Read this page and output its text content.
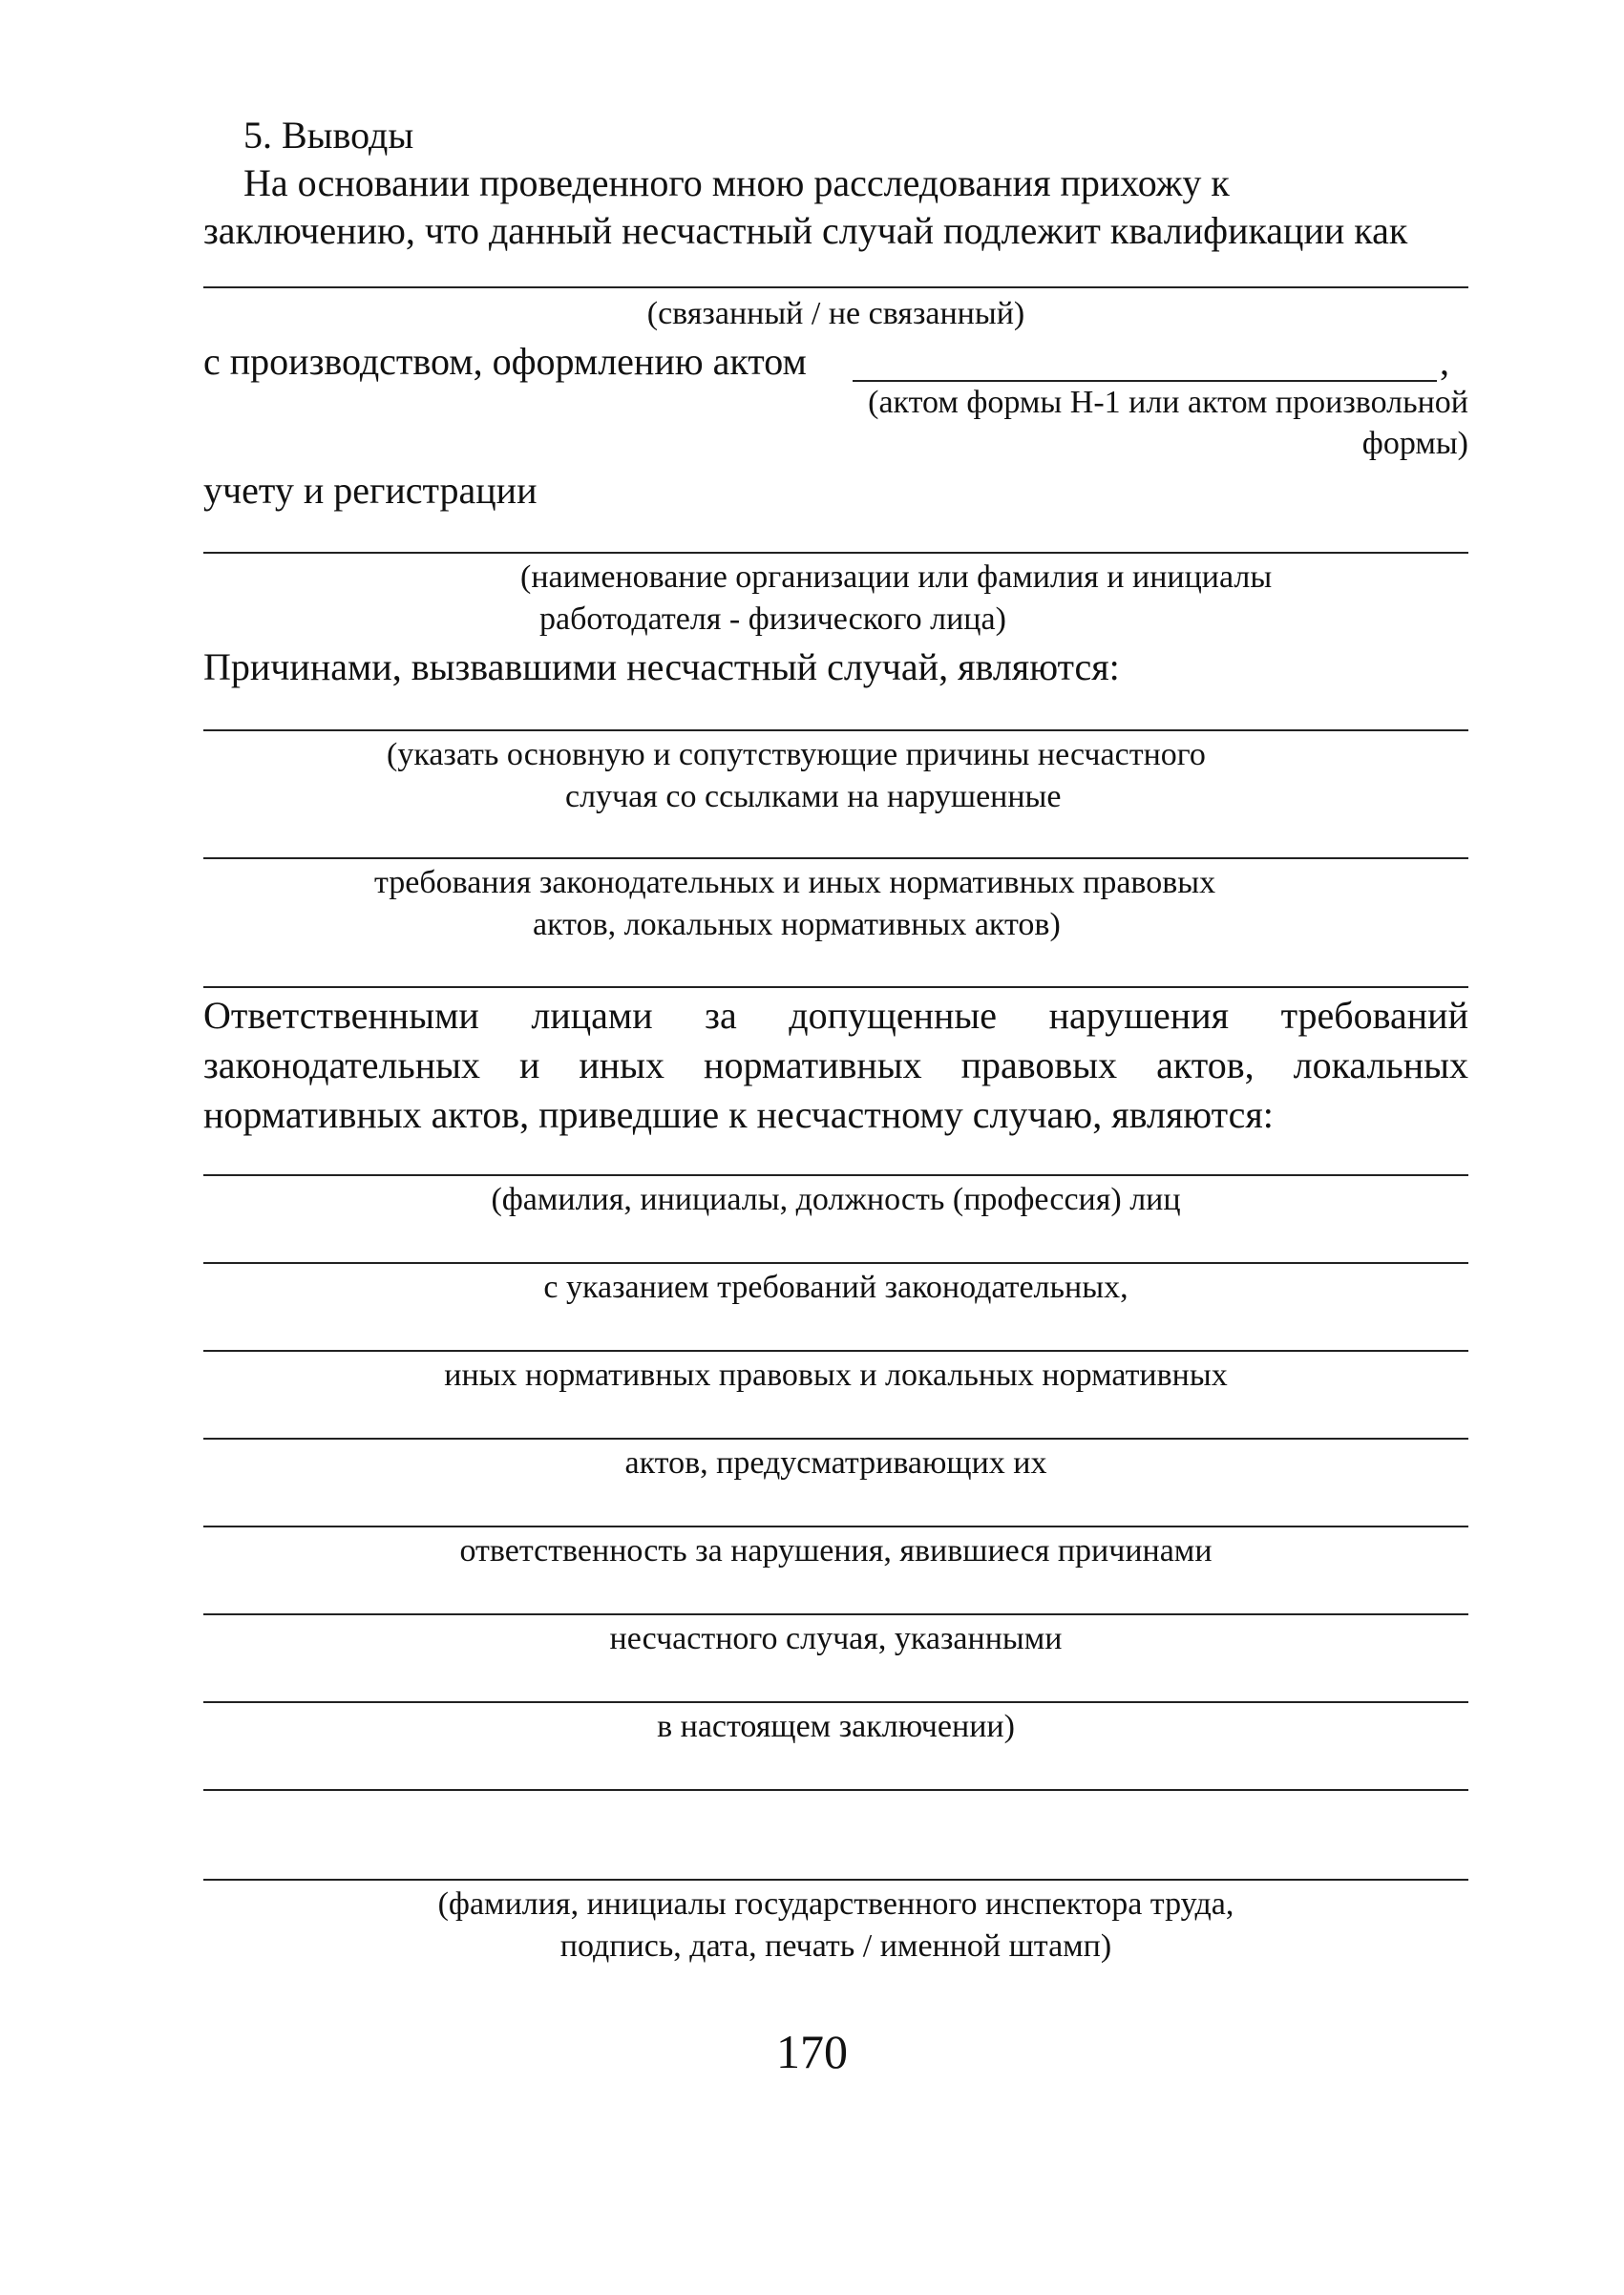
5. Выводы
На основании проведенного мною расследования прихожу к
заключению, что данный несчастный случай подлежит квалификации как
(связанный / не связанный)
с производством, оформлению актом	,
(актом формы Н-1 или актом произвольной
формы)
учету и регистрации
(наименование организации или фамилия и инициалы
работодателя - физического лица)
Причинами, вызвавшими несчастный случай, являются:
(указать основную и сопутствующие причины несчастного
случая со ссылками на нарушенные
требования законодательных и иных нормативных правовых
актов, локальных нормативных актов)
Ответственными лицами за допущенные нарушения требований
законодательных и иных нормативных правовых актов, локальных
нормативных актов, приведшие к несчастному случаю, являются:
(фамилия, инициалы, должность (профессия) лиц
с указанием требований законодательных,
иных нормативных правовых и локальных нормативных
актов, предусматривающих их
ответственность за нарушения, явившиеся причинами
несчастного случая, указанными
в настоящем заключении)
(фамилия, инициалы государственного инспектора труда,
подпись, дата, печать / именной штамп)
170
